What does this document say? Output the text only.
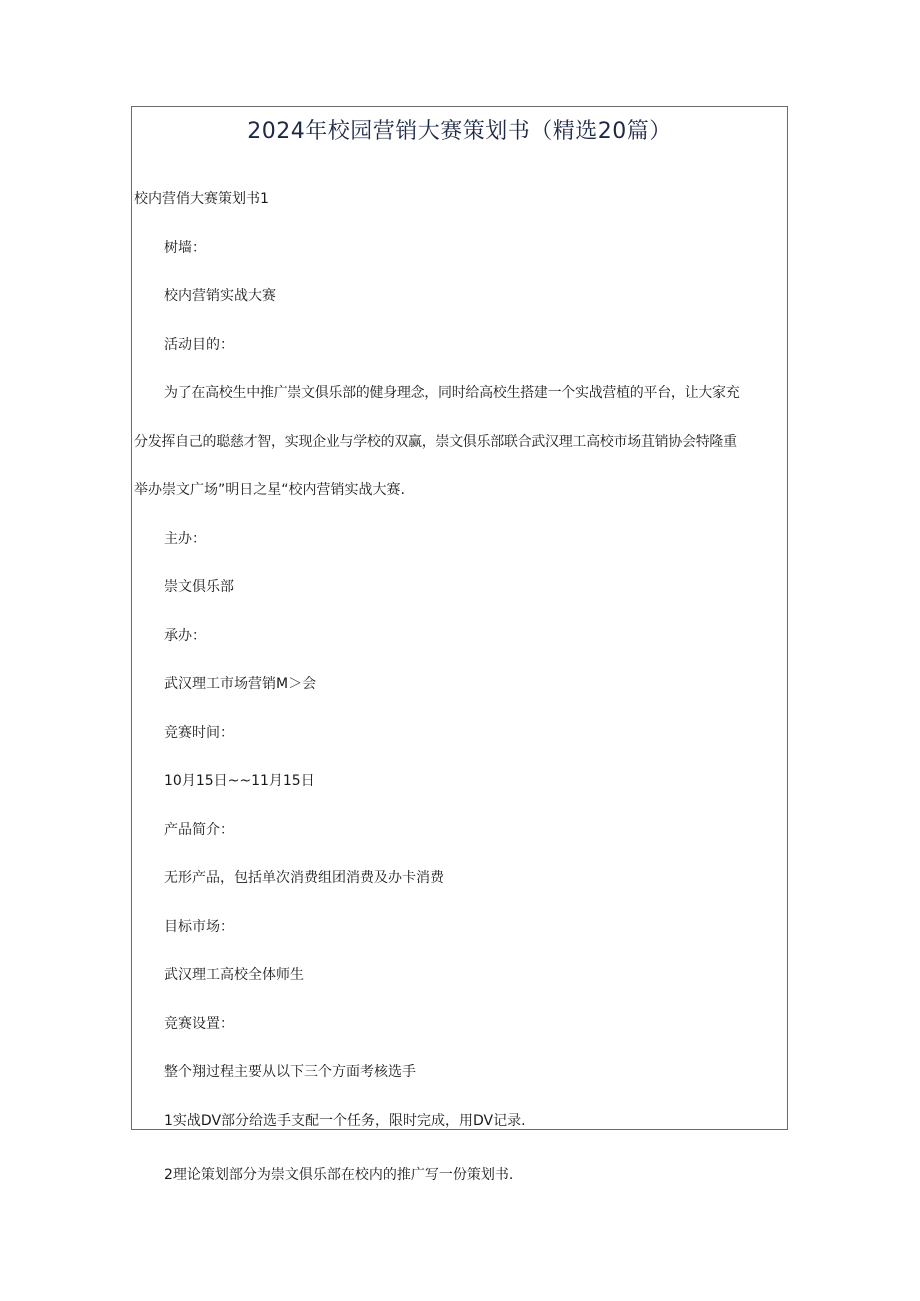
2024年校园营销大赛策划书（精选20篇）

校内营俏大赛策划书1

树墙：

校内营销实战大赛

活动目的：

为了在高校生中推广崇文俱乐部的健身理念，同时给高校生搭建一个实战营植的平台，让大家充

分发挥自己的聪慈才智，实现企业与学校的双赢，崇文俱乐部联合武汉理工高校市场苴销协会特隆重

举办崇文广场”明日之星“校内营销实战大赛.

主办：

崇文俱乐部

承办：

武汉理工市场营销M＞会

竞赛时间：

10月15日~~11月15日

产品简介：

无形产品，包括单次消费组团消费及办卡消费

目标市场：

武汉理工高校全体师生

竞赛设置：

整个翔过程主要从以下三个方面考核选手

1实战DV部分给选手支配一个任务，限时完成，用DV记录.

2理论策划部分为崇文俱乐部在校内的推广写一份策划书.
